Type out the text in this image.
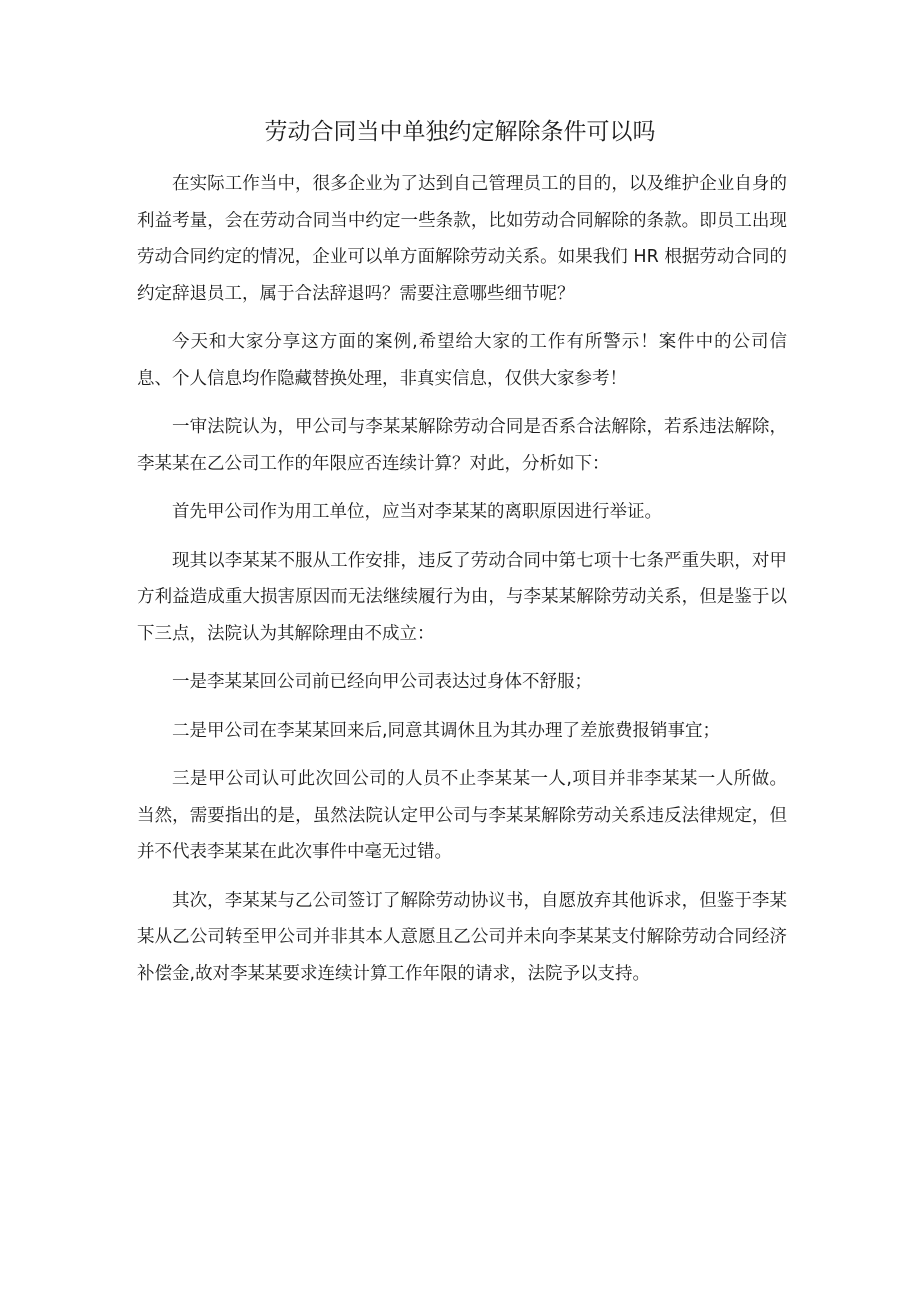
劳动合同当中单独约定解除条件可以吗

在实际工作当中，很多企业为了达到自己管理员工的目的，以及维护企业自身的利益考量，会在劳动合同当中约定一些条款，比如劳动合同解除的条款。即员工出现劳动合同约定的情况，企业可以单方面解除劳动关系。如果我们 HR 根据劳动合同的约定辞退员工，属于合法辞退吗？需要注意哪些细节呢？

今天和大家分享这方面的案例,希望给大家的工作有所警示！案件中的公司信息、个人信息均作隐藏替换处理，非真实信息，仅供大家参考！

一审法院认为，甲公司与李某某解除劳动合同是否系合法解除，若系违法解除，李某某在乙公司工作的年限应否连续计算？对此，分析如下：

首先甲公司作为用工单位，应当对李某某的离职原因进行举证。

现其以李某某不服从工作安排，违反了劳动合同中第七项十七条严重失职，对甲方利益造成重大损害原因而无法继续履行为由，与李某某解除劳动关系，但是鉴于以下三点，法院认为其解除理由不成立：

一是李某某回公司前已经向甲公司表达过身体不舒服；

二是甲公司在李某某回来后,同意其调休且为其办理了差旅费报销事宜；

三是甲公司认可此次回公司的人员不止李某某一人,项目并非李某某一人所做。当然，需要指出的是，虽然法院认定甲公司与李某某解除劳动关系违反法律规定，但并不代表李某某在此次事件中毫无过错。

其次，李某某与乙公司签订了解除劳动协议书，自愿放弃其他诉求，但鉴于李某某从乙公司转至甲公司并非其本人意愿且乙公司并未向李某某支付解除劳动合同经济补偿金,故对李某某要求连续计算工作年限的请求，法院予以支持。
